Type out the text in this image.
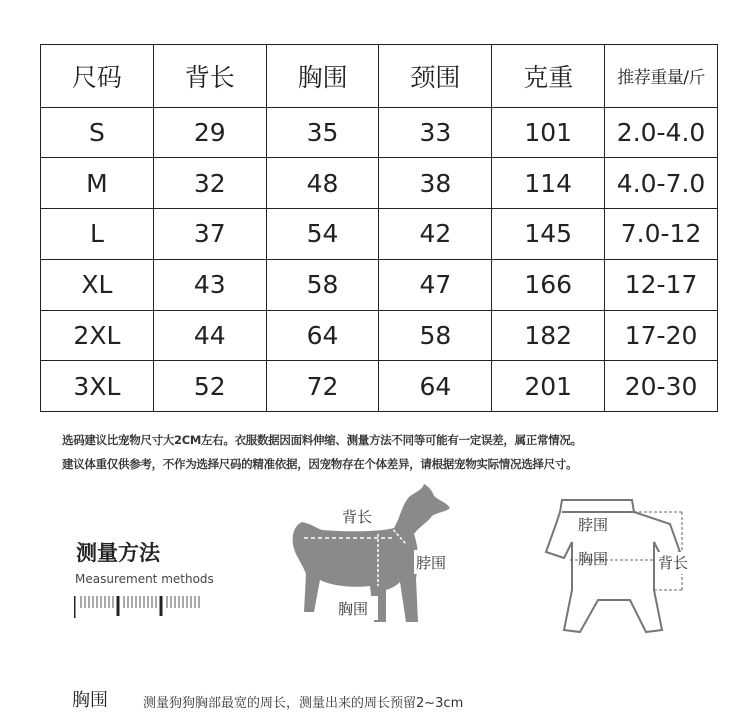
尺码	背长	胸围	颈围	克重	推荐重量/斤
S	29	35	33	101	2.0-4.0
M	32	48	38	114	4.0-7.0
L	37	54	42	145	7.0-12
XL	43	58	47	166	12-17
2XL	44	64	58	182	17-20
3XL	52	72	64	201	20-30
选码建议比宠物尺寸大2CM左右。衣服数据因面料伸缩、测量方法不同等可能有一定误差，属正常情况。
建议体重仅供参考，不作为选择尺码的精准依据，因宠物存在个体差异，请根据宠物实际情况选择尺寸。
测量方法
Measurement methods
背长
脖围
胸围
脖围
胸围	背长
胸围	测量狗狗胸部最宽的周长，测量出来的周长预留2~3cm
